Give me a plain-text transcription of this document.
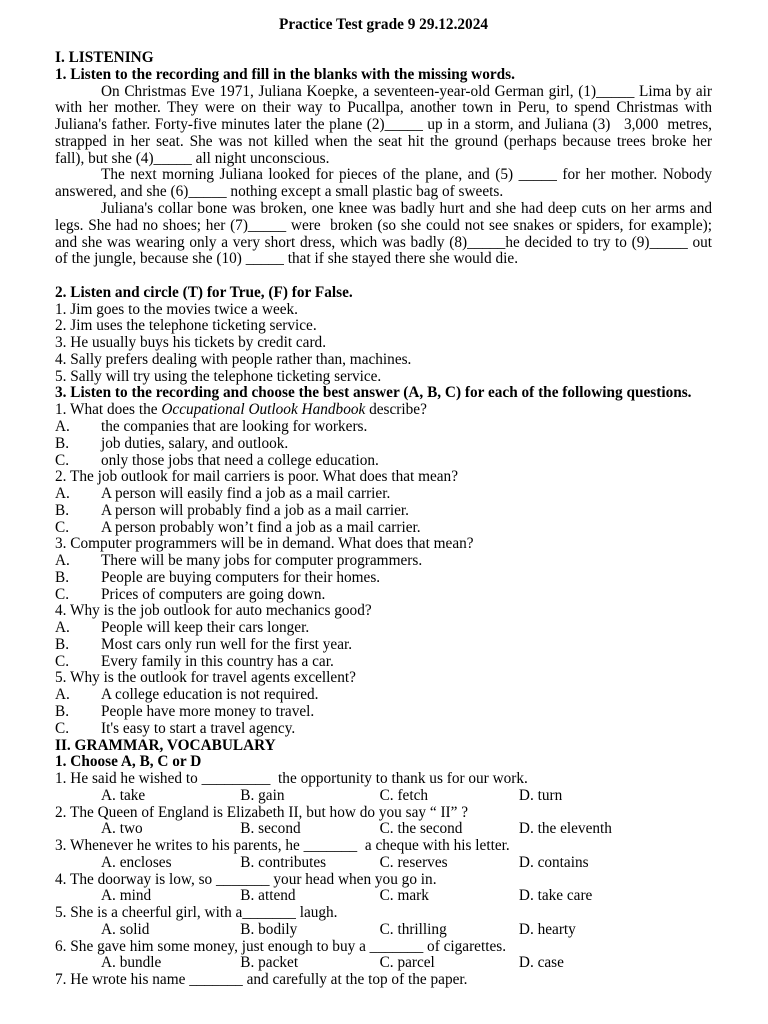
Practice Test grade 9 29.12.2024
I. LISTENING
1. Listen to the recording and fill in the blanks with the missing words.
On Christmas Eve 1971, Juliana Koepke, a seventeen-year-old German girl, (1)_____ Lima by air
with her mother. They were on their way to Pucallpa, another town in Peru, to spend Christmas with
Juliana's father. Forty-five minutes later the plane (2)_____ up in a storm, and Juliana (3)   3,000  metres,
strapped in her seat. She was not killed when the seat hit the ground (perhaps because trees broke her
fall), but she (4)_____ all night unconscious.
The next morning Juliana looked for pieces of the plane, and (5) _____ for her mother. Nobody
answered, and she (6)_____ nothing except a small plastic bag of sweets.
Juliana's collar bone was broken, one knee was badly hurt and she had deep cuts on her arms and
legs. She had no shoes; her (7)_____ were  broken (so she could not see snakes or spiders, for example);
and she was wearing only a very short dress, which was badly (8)_____he decided to try to (9)_____ out
of the jungle, because she (10) _____ that if she stayed there she would die.
2. Listen and circle (T) for True, (F) for False.
1. Jim goes to the movies twice a week.
2. Jim uses the telephone ticketing service.
3. He usually buys his tickets by credit card.
4. Sally prefers dealing with people rather than, machines.
5. Sally will try using the telephone ticketing service.
3. Listen to the recording and choose the best answer (A, B, C) for each of the following questions.
1. What does the Occupational Outlook Handbook describe?
A.	the companies that are looking for workers.
B.	job duties, salary, and outlook.
C.	only those jobs that need a college education.
2. The job outlook for mail carriers is poor. What does that mean?
A.	A person will easily find a job as a mail carrier.
B.	A person will probably find a job as a mail carrier.
C.	A person probably won’t find a job as a mail carrier.
3. Computer programmers will be in demand. What does that mean?
A.	There will be many jobs for computer programmers.
B.	People are buying computers for their homes.
C.	Prices of computers are going down.
4. Why is the job outlook for auto mechanics good?
A.	People will keep their cars longer.
B.	Most cars only run well for the first year.
C.	Every family in this country has a car.
5. Why is the outlook for travel agents excellent?
A.	A college education is not required.
B.	People have more money to travel.
C.	It's easy to start a travel agency.
II. GRAMMAR, VOCABULARY
1. Choose A, B, C or D
1. He said he wished to _________  the opportunity to thank us for our work.
A. take	B. gain	C. fetch	D. turn
2. The Queen of England is Elizabeth II, but how do you say “ II” ?
A. two	B. second	C. the second	D. the eleventh
3. Whenever he writes to his parents, he _______  a cheque with his letter.
A. encloses	B. contributes	C. reserves	D. contains
4. The doorway is low, so _______ your head when you go in.
A. mind	B. attend	C. mark	D. take care
5. She is a cheerful girl, with a_______ laugh.
A. solid	B. bodily	C. thrilling	D. hearty
6. She gave him some money, just enough to buy a _______ of cigarettes.
A. bundle	B. packet	C. parcel	D. case
7. He wrote his name _______ and carefully at the top of the paper.
